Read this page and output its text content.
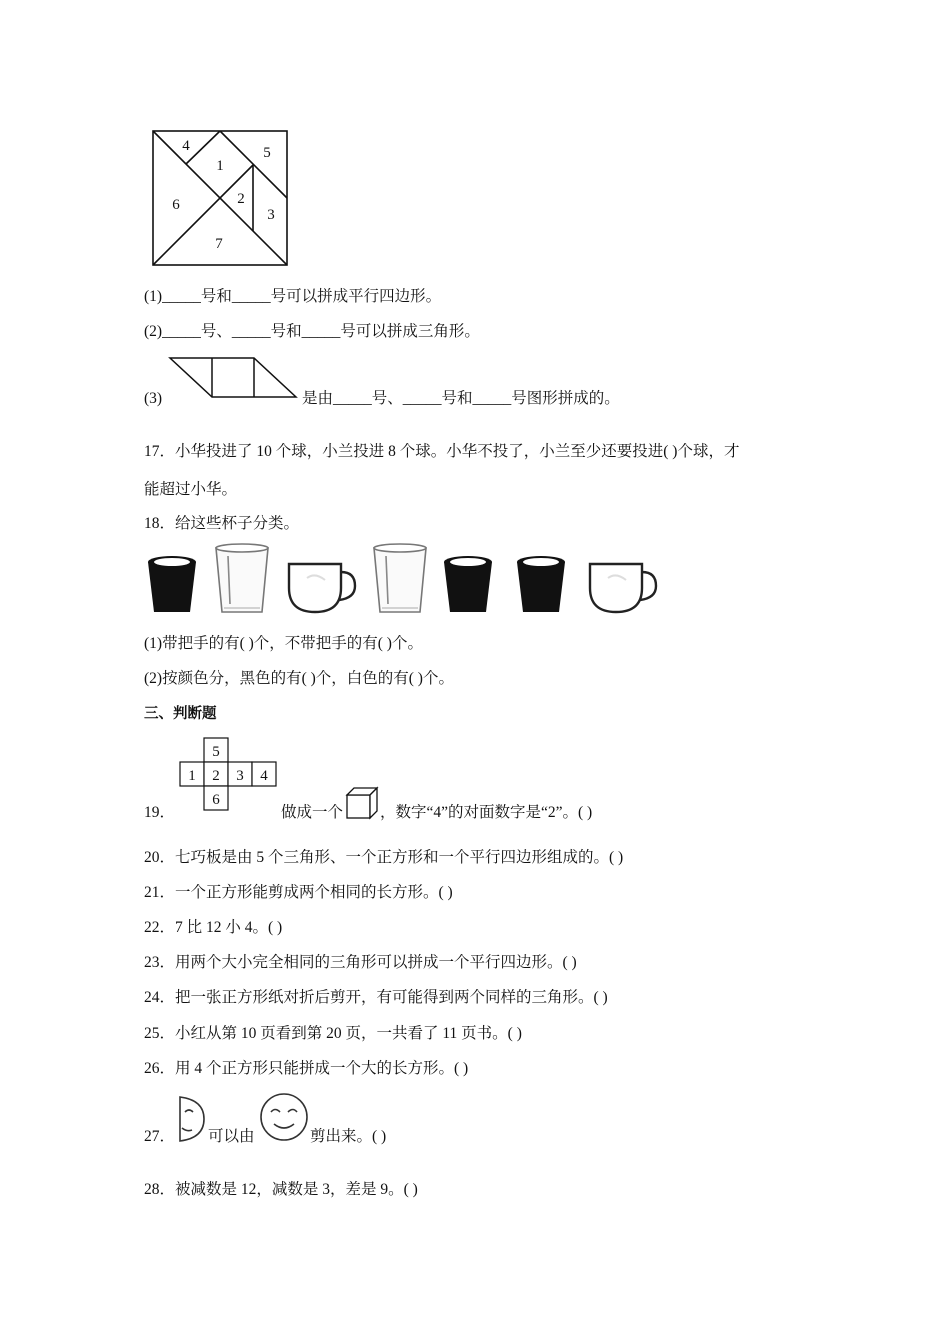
4
1
5
6	2
3
7
(1)_____号和_____号可以拼成平行四边形。
(2)_____号、_____号和_____号可以拼成三角形。
(3)	是由_____号、_____号和_____号图形拼成的。
17．小华投进了 10 个球，小兰投进 8 个球。小华不投了，小兰至少还要投进( )个球，才
能超过小华。
18．给这些杯子分类。
(1)带把手的有( )个，不带把手的有( )个。
(2)按颜色分，黑色的有( )个，白色的有( )个。
三、判断题
5
1 2 3 4
6
19．	做成一个 ，数字“4”的对面数字是“2”。( )
20．七巧板是由 5 个三角形、一个正方形和一个平行四边形组成的。( )
21．一个正方形能剪成两个相同的长方形。( )
22．7 比 12 小 4。( )
23．用两个大小完全相同的三角形可以拼成一个平行四边形。( )
24．把一张正方形纸对折后剪开，有可能得到两个同样的三角形。( )
25．小红从第 10 页看到第 20 页，一共看了 11 页书。( )
26．用 4 个正方形只能拼成一个大的长方形。( )
27． 可以由	剪出来。( )
28．被减数是 12，减数是 3，差是 9。( )
